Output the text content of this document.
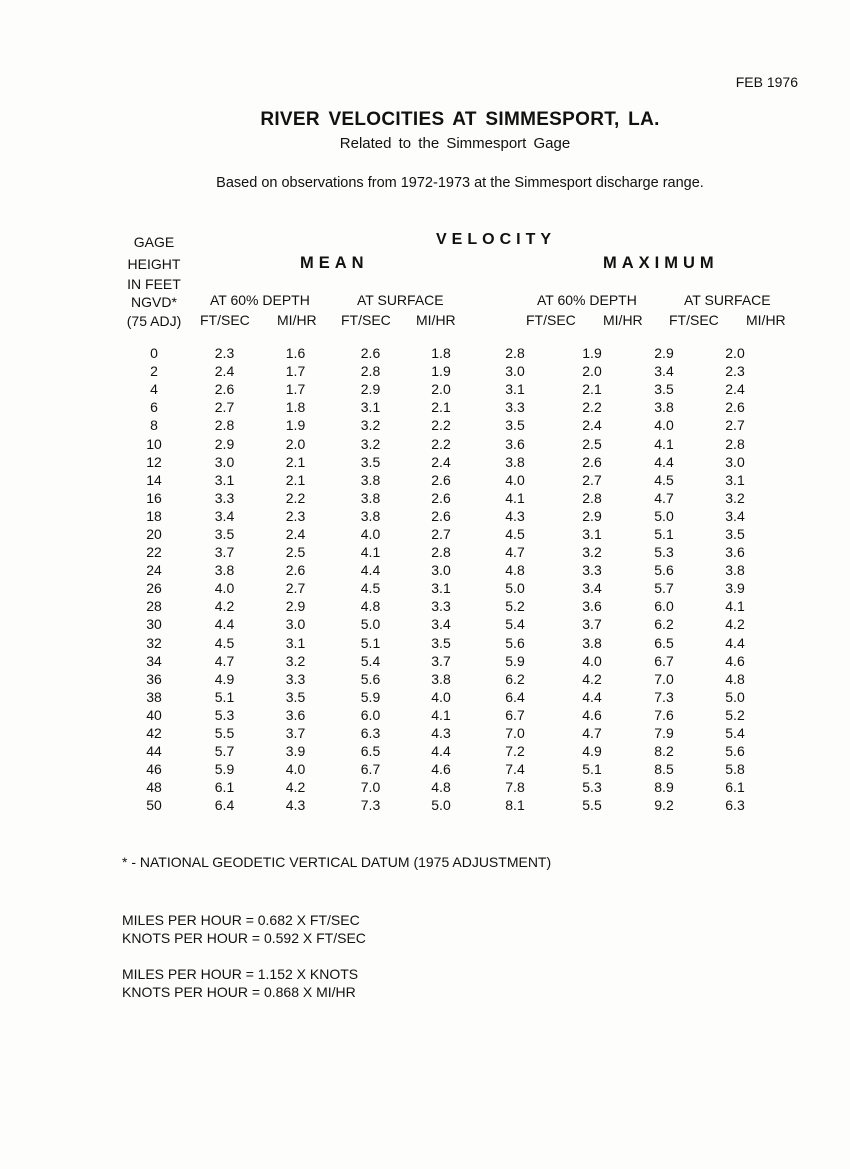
FEB 1976
RIVER VELOCITIES AT SIMMESPORT, LA.
Related to the Simmesport Gage
Based on observations from 1972-1973 at the Simmesport discharge range.
GAGE
HEIGHT
IN FEET
NGVD*
(75 ADJ)
VELOCITY
MEAN	MAXIMUM
AT 60% DEPTH	AT SURFACE	AT 60% DEPTH	AT SURFACE
FT/SEC MI/HR FT/SEC MI/HR	FT/SEC MI/HR FT/SEC MI/HR
0	2.3	1.6	2.6	1.8	2.8	1.9	2.9	2.0
2	2.4	1.7	2.8	1.9	3.0	2.0	3.4	2.3
4	2.6	1.7	2.9	2.0	3.1	2.1	3.5	2.4
6	2.7	1.8	3.1	2.1	3.3	2.2	3.8	2.6
8	2.8	1.9	3.2	2.2	3.5	2.4	4.0	2.7
10	2.9	2.0	3.2	2.2	3.6	2.5	4.1	2.8
12	3.0	2.1	3.5	2.4	3.8	2.6	4.4	3.0
14	3.1	2.1	3.8	2.6	4.0	2.7	4.5	3.1
16	3.3	2.2	3.8	2.6	4.1	2.8	4.7	3.2
18	3.4	2.3	3.8	2.6	4.3	2.9	5.0	3.4
20	3.5	2.4	4.0	2.7	4.5	3.1	5.1	3.5
22	3.7	2.5	4.1	2.8	4.7	3.2	5.3	3.6
24	3.8	2.6	4.4	3.0	4.8	3.3	5.6	3.8
26	4.0	2.7	4.5	3.1	5.0	3.4	5.7	3.9
28	4.2	2.9	4.8	3.3	5.2	3.6	6.0	4.1
30	4.4	3.0	5.0	3.4	5.4	3.7	6.2	4.2
32	4.5	3.1	5.1	3.5	5.6	3.8	6.5	4.4
34	4.7	3.2	5.4	3.7	5.9	4.0	6.7	4.6
36	4.9	3.3	5.6	3.8	6.2	4.2	7.0	4.8
38	5.1	3.5	5.9	4.0	6.4	4.4	7.3	5.0
40	5.3	3.6	6.0	4.1	6.7	4.6	7.6	5.2
42	5.5	3.7	6.3	4.3	7.0	4.7	7.9	5.4
44	5.7	3.9	6.5	4.4	7.2	4.9	8.2	5.6
46	5.9	4.0	6.7	4.6	7.4	5.1	8.5	5.8
48	6.1	4.2	7.0	4.8	7.8	5.3	8.9	6.1
50	6.4	4.3	7.3	5.0	8.1	5.5	9.2	6.3
* - NATIONAL GEODETIC VERTICAL DATUM (1975 ADJUSTMENT)
MILES PER HOUR = 0.682 X FT/SEC
KNOTS PER HOUR = 0.592 X FT/SEC
MILES PER HOUR = 1.152 X KNOTS
KNOTS PER HOUR = 0.868 X MI/HR
